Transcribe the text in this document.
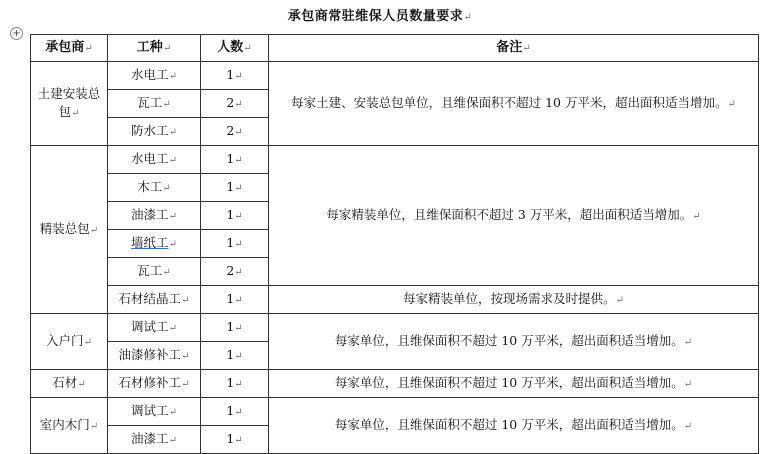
承包商常驻维保人员数量要求↵
+
承包商↵	工种↵	人数↵	备注↵
土建安装总包↵	水电工↵	1↵	每家土建、安装总包单位，且维保面积不超过 10 万平米，超出面积适当增加。↵
	瓦工↵	2↵	
	防水工↵	2↵	
精装总包↵	水电工↵	1↵	每家精装单位，且维保面积不超过 3 万平米，超出面积适当增加。↵
	木工↵	1↵	
	油漆工↵	1↵	
	墙纸工↵	1↵	
	瓦工↵	2↵	
	石材结晶工↵	1↵	每家精装单位，按现场需求及时提供。↵
入户门↵	调试工↵	1↵	每家单位，且维保面积不超过 10 万平米，超出面积适当增加。↵
	油漆修补工↵	1↵	
石材↵	石材修补工↵	1↵	每家单位，且维保面积不超过 10 万平米，超出面积适当增加。↵
室内木门↵	调试工↵	1↵	每家单位，且维保面积不超过 10 万平米，超出面积适当增加。↵
	油漆工↵	1↵	
